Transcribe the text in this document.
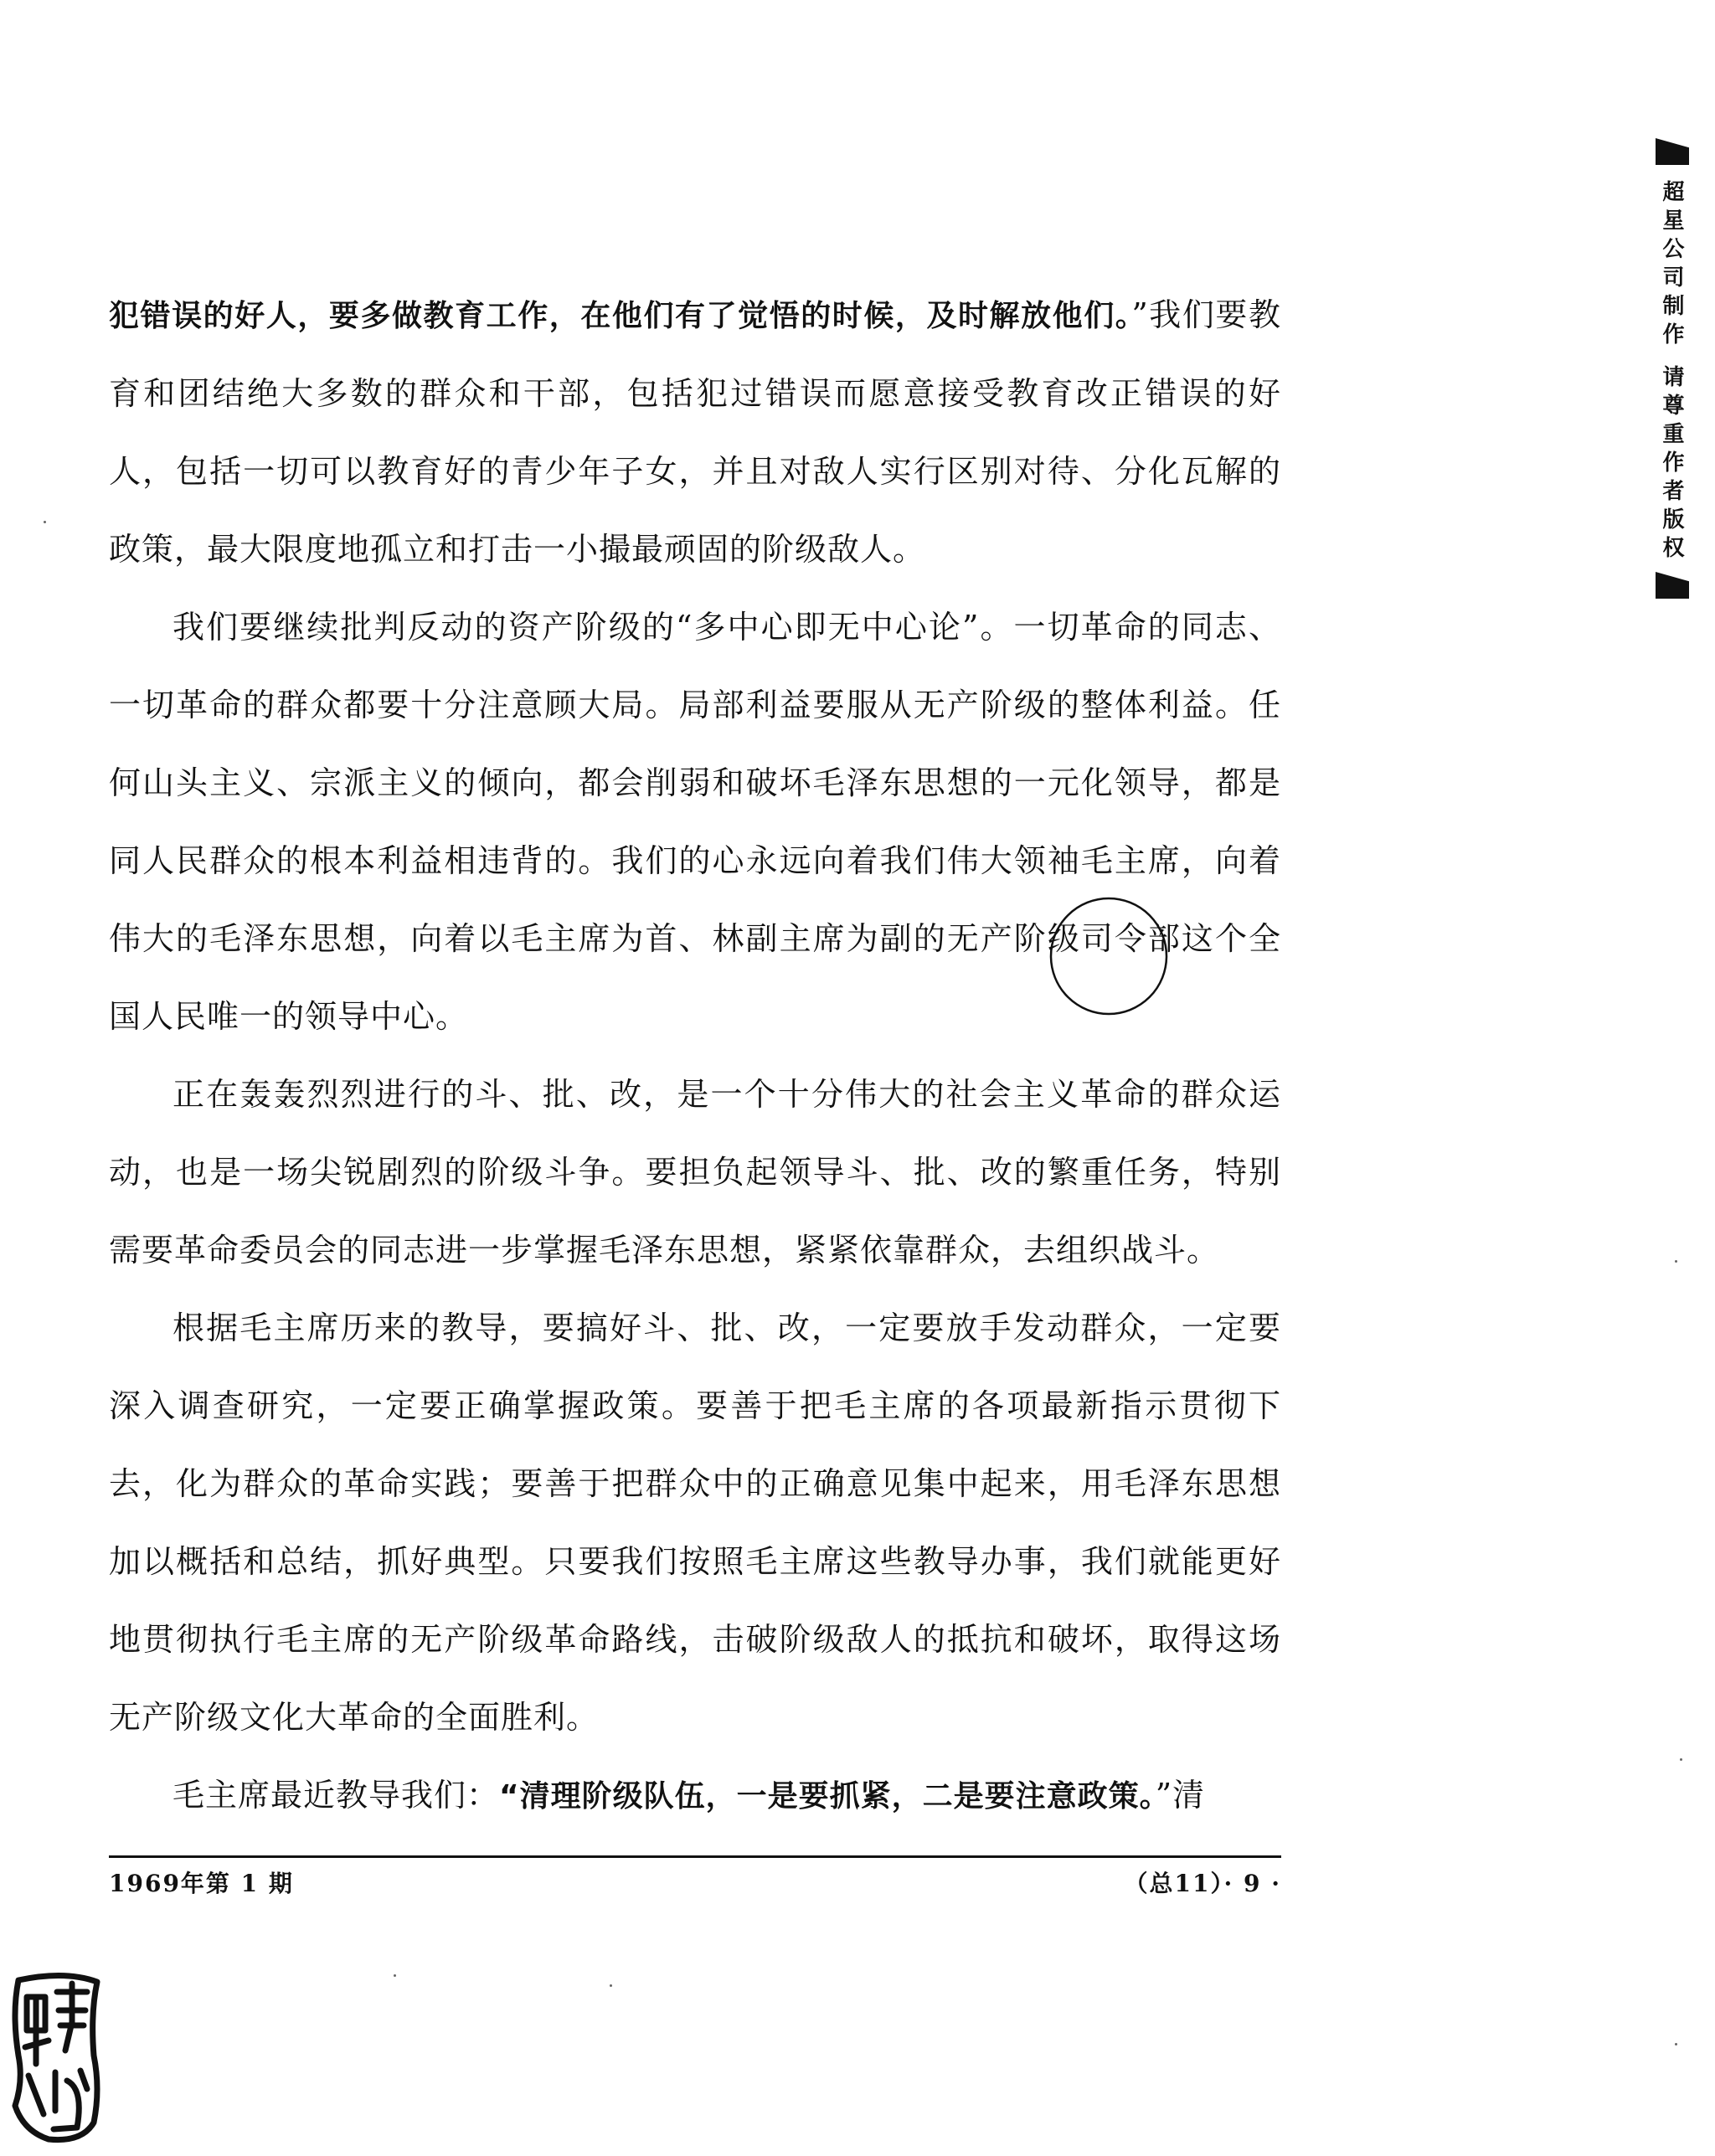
犯错误的好人，要多做教育工作，在他们有了觉悟的时候，及时解放他们。”我们要教育和团结绝大多数的群众和干部，包括犯过错误而愿意接受教育改正错误的好人，包括一切可以教育好的青少年子女，并且对敌人实行区别对待、分化瓦解的政策，最大限度地孤立和打击一小撮最顽固的阶级敌人。

我们要继续批判反动的资产阶级的“多中心即无中心论”。一切革命的同志、一切革命的群众都要十分注意顾大局。局部利益要服从无产阶级的整体利益。任何山头主义、宗派主义的倾向，都会削弱和破坏毛泽东思想的一元化领导，都是同人民群众的根本利益相违背的。我们的心永远向着我们伟大领袖毛主席，向着伟大的毛泽东思想，向着以毛主席为首、林副主席为副的无产阶级司令部这个全国人民唯一的领导中心。

正在轰轰烈烈进行的斗、批、改，是一个十分伟大的社会主义革命的群众运动，也是一场尖锐剧烈的阶级斗争。要担负起领导斗、批、改的繁重任务，特别需要革命委员会的同志进一步掌握毛泽东思想，紧紧依靠群众，去组织战斗。

根据毛主席历来的教导，要搞好斗、批、改，一定要放手发动群众，一定要深入调查研究，一定要正确掌握政策。要善于把毛主席的各项最新指示贯彻下去，化为群众的革命实践；要善于把群众中的正确意见集中起来，用毛泽东思想加以概括和总结，抓好典型。只要我们按照毛主席这些教导办事，我们就能更好地贯彻执行毛主席的无产阶级革命路线，击破阶级敌人的抵抗和破坏，取得这场无产阶级文化大革命的全面胜利。

毛主席最近教导我们：“清理阶级队伍，一是要抓紧，二是要注意政策。”清

1969年第 1 期	（总11）· 9 ·
超星公司制作 请尊重作者版权
